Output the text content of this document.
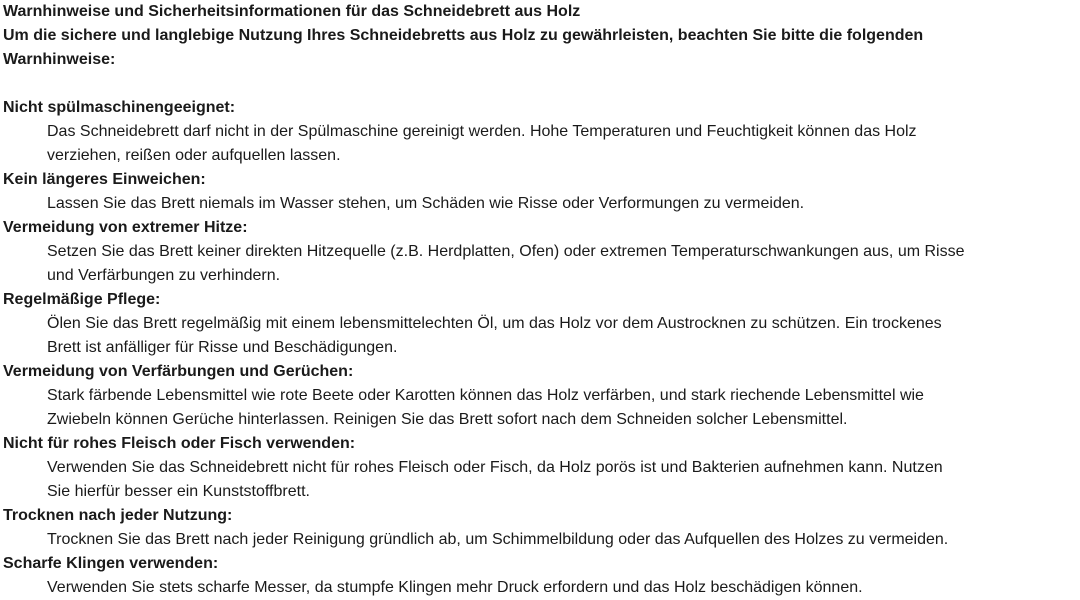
Warnhinweise und Sicherheitsinformationen für das Schneidebrett aus Holz
Um die sichere und langlebige Nutzung Ihres Schneidebretts aus Holz zu gewährleisten, beachten Sie bitte die folgenden
Warnhinweise:
Nicht spülmaschinengeeignet:
Das Schneidebrett darf nicht in der Spülmaschine gereinigt werden. Hohe Temperaturen und Feuchtigkeit können das Holz
verziehen, reißen oder aufquellen lassen.
Kein längeres Einweichen:
Lassen Sie das Brett niemals im Wasser stehen, um Schäden wie Risse oder Verformungen zu vermeiden.
Vermeidung von extremer Hitze:
Setzen Sie das Brett keiner direkten Hitzequelle (z.B. Herdplatten, Ofen) oder extremen Temperaturschwankungen aus, um Risse
und Verfärbungen zu verhindern.
Regelmäßige Pflege:
Ölen Sie das Brett regelmäßig mit einem lebensmittelechten Öl, um das Holz vor dem Austrocknen zu schützen. Ein trockenes
Brett ist anfälliger für Risse und Beschädigungen.
Vermeidung von Verfärbungen und Gerüchen:
Stark färbende Lebensmittel wie rote Beete oder Karotten können das Holz verfärben, und stark riechende Lebensmittel wie
Zwiebeln können Gerüche hinterlassen. Reinigen Sie das Brett sofort nach dem Schneiden solcher Lebensmittel.
Nicht für rohes Fleisch oder Fisch verwenden:
Verwenden Sie das Schneidebrett nicht für rohes Fleisch oder Fisch, da Holz porös ist und Bakterien aufnehmen kann. Nutzen
Sie hierfür besser ein Kunststoffbrett.
Trocknen nach jeder Nutzung:
Trocknen Sie das Brett nach jeder Reinigung gründlich ab, um Schimmelbildung oder das Aufquellen des Holzes zu vermeiden.
Scharfe Klingen verwenden:
Verwenden Sie stets scharfe Messer, da stumpfe Klingen mehr Druck erfordern und das Holz beschädigen können.
